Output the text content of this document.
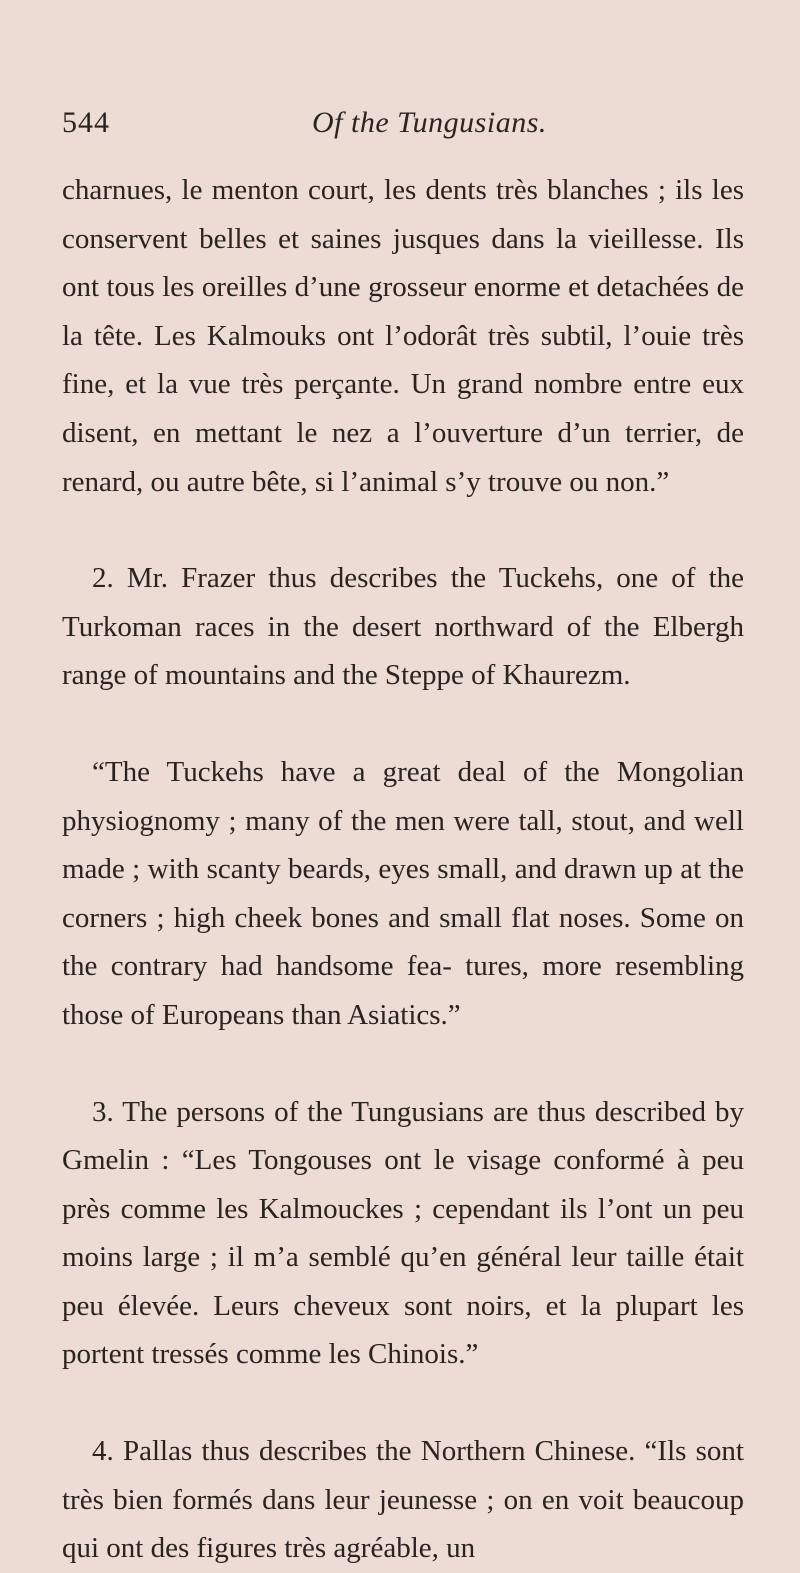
544	Of the Tungusians.

charnues, le menton court, les dents très blanches ; ils les conservent belles et saines jusques dans la vieillesse. Ils ont tous les oreilles d’une grosseur enorme et detachées de la tête. Les Kalmouks ont l’odorât très subtil, l’ouie très fine, et la vue très perçante. Un grand nombre entre eux disent, en mettant le nez a l’ouverture d’un terrier, de renard, ou autre bête, si l’animal s’y trouve ou non.”

2. Mr. Frazer thus describes the Tuckehs, one of the Turkoman races in the desert northward of the Elbergh range of mountains and the Steppe of Khaurezm.

“The Tuckehs have a great deal of the Mongolian physiognomy ; many of the men were tall, stout, and well made ; with scanty beards, eyes small, and drawn up at the corners ; high cheek bones and small flat noses. Some on the contrary had handsome fea- tures, more resembling those of Europeans than Asiatics.”

3. The persons of the Tungusians are thus described by Gmelin : “Les Tongouses ont le visage conformé à peu près comme les Kalmouckes ; cependant ils l’ont un peu moins large ; il m’a semblé qu’en général leur taille était peu élevée. Leurs cheveux sont noirs, et la plupart les portent tressés comme les Chinois.”

4. Pallas thus describes the Northern Chinese. “Ils sont très bien formés dans leur jeunesse ; on en voit beaucoup qui ont des figures très agréable, un
